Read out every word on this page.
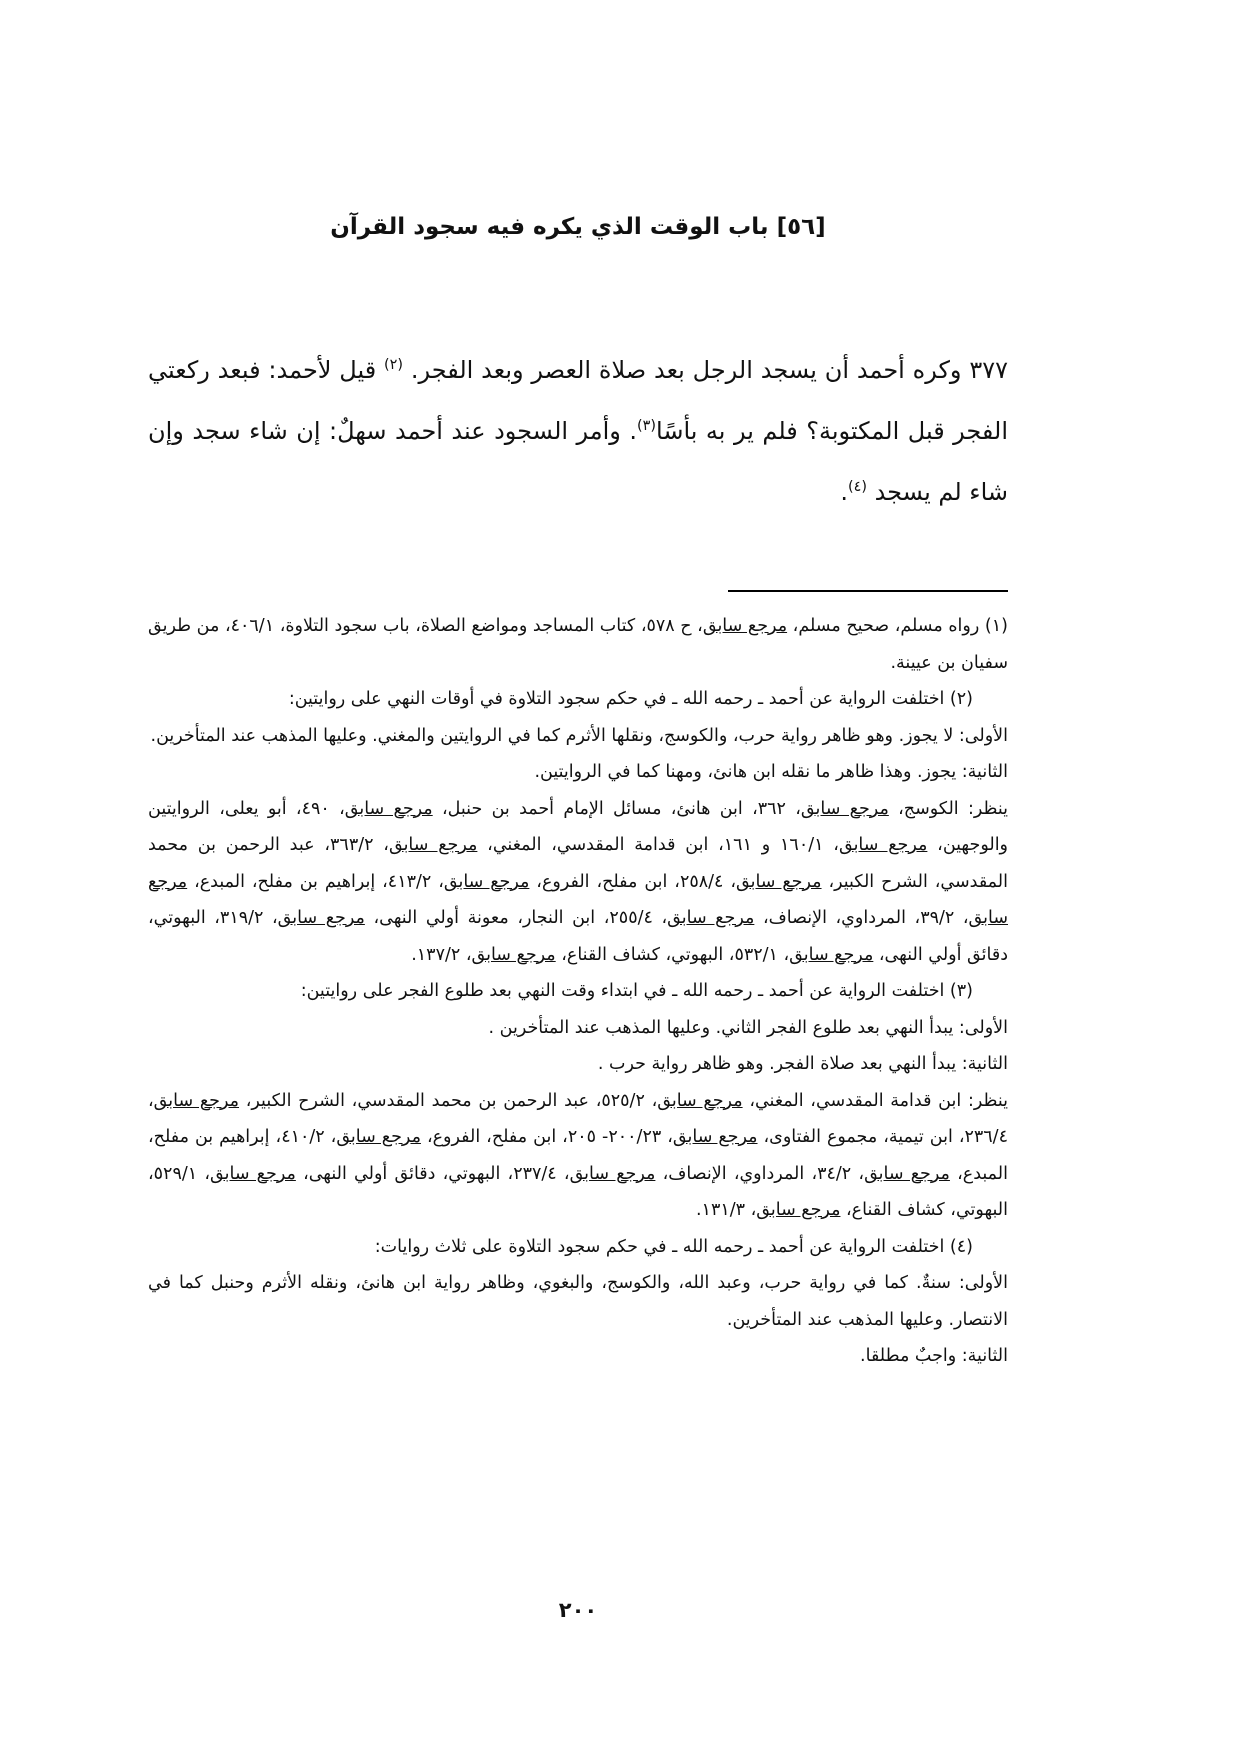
[٥٦] باب الوقت الذي يكره فيه سجود القرآن

٣٧٧ وكره أحمد أن يسجد الرجل بعد صلاة العصر وبعد الفجر. $^{(٢)}$ قيل لأحمد: فبعد ركعتي الفجر قبل المكتوبة؟ فلم ير به بأسًا$^{(٣)}$. وأمر السجود عند أحمد سهلٌ: إن شاء سجد وإن شاء لم يسجد $^{(٤)}$.

(١) رواه مسلم، صحيح مسلم، مرجع سابق، ح ٥٧٨، كتاب المساجد ومواضع الصلاة، باب سجود التلاوة، ٤٠٦/١، من طريق سفيان بن عيينة.

(٢) اختلفت الرواية عن أحمد ـ رحمه الله ـ في حكم سجود التلاوة في أوقات النهي على روايتين:

الأولى: لا يجوز. وهو ظاهر رواية حرب، والكوسج، ونقلها الأثرم كما في الروايتين والمغني. وعليها المذهب عند المتأخرين.

الثانية: يجوز. وهذا ظاهر ما نقله ابن هانئ، ومهنا كما في الروايتين.

ينظر: الكوسج، مرجع سابق، ٣٦٢، ابن هانئ، مسائل الإمام أحمد بن حنبل، مرجع سابق، ٤٩٠، أبو يعلى، الروايتين والوجهين، مرجع سابق، ١٦٠/١ و ١٦١، ابن قدامة المقدسي، المغني، مرجع سابق، ٣٦٣/٢، عبد الرحمن بن محمد المقدسي، الشرح الكبير، مرجع سابق، ٢٥٨/٤، ابن مفلح، الفروع، مرجع سابق، ٤١٣/٢، إبراهيم بن مفلح، المبدع، مرجع سابق، ٣٩/٢، المرداوي، الإنصاف، مرجع سابق، ٢٥٥/٤، ابن النجار، معونة أولي النهى، مرجع سابق، ٣١٩/٢، البهوتي، دقائق أولي النهى، مرجع سابق، ٥٣٢/١، البهوتي، كشاف القناع، مرجع سابق، ١٣٧/٢.

(٣) اختلفت الرواية عن أحمد ـ رحمه الله ـ في ابتداء وقت النهي بعد طلوع الفجر على روايتين:

الأولى: يبدأ النهي بعد طلوع الفجر الثاني. وعليها المذهب عند المتأخرين .

الثانية: يبدأ النهي بعد صلاة الفجر. وهو ظاهر رواية حرب .

ينظر: ابن قدامة المقدسي، المغني، مرجع سابق، ٥٢٥/٢، عبد الرحمن بن محمد المقدسي، الشرح الكبير، مرجع سابق، ٢٣٦/٤، ابن تيمية، مجموع الفتاوى، مرجع سابق، ٢٠٠/٢٣- ٢٠٥، ابن مفلح، الفروع، مرجع سابق، ٤١٠/٢، إبراهيم بن مفلح، المبدع، مرجع سابق، ٣٤/٢، المرداوي، الإنصاف، مرجع سابق، ٢٣٧/٤، البهوتي، دقائق أولي النهى، مرجع سابق، ٥٢٩/١، البهوتي، كشاف القناع، مرجع سابق، ١٣١/٣.

(٤) اختلفت الرواية عن أحمد ـ رحمه الله ـ في حكم سجود التلاوة على ثلاث روايات:

الأولى: سنةٌ. كما في رواية حرب، وعبد الله، والكوسج، والبغوي، وظاهر رواية ابن هانئ، ونقله الأثرم وحنبل كما في الانتصار. وعليها المذهب عند المتأخرين.

الثانية: واجبٌ مطلقا.

٢٠٠
